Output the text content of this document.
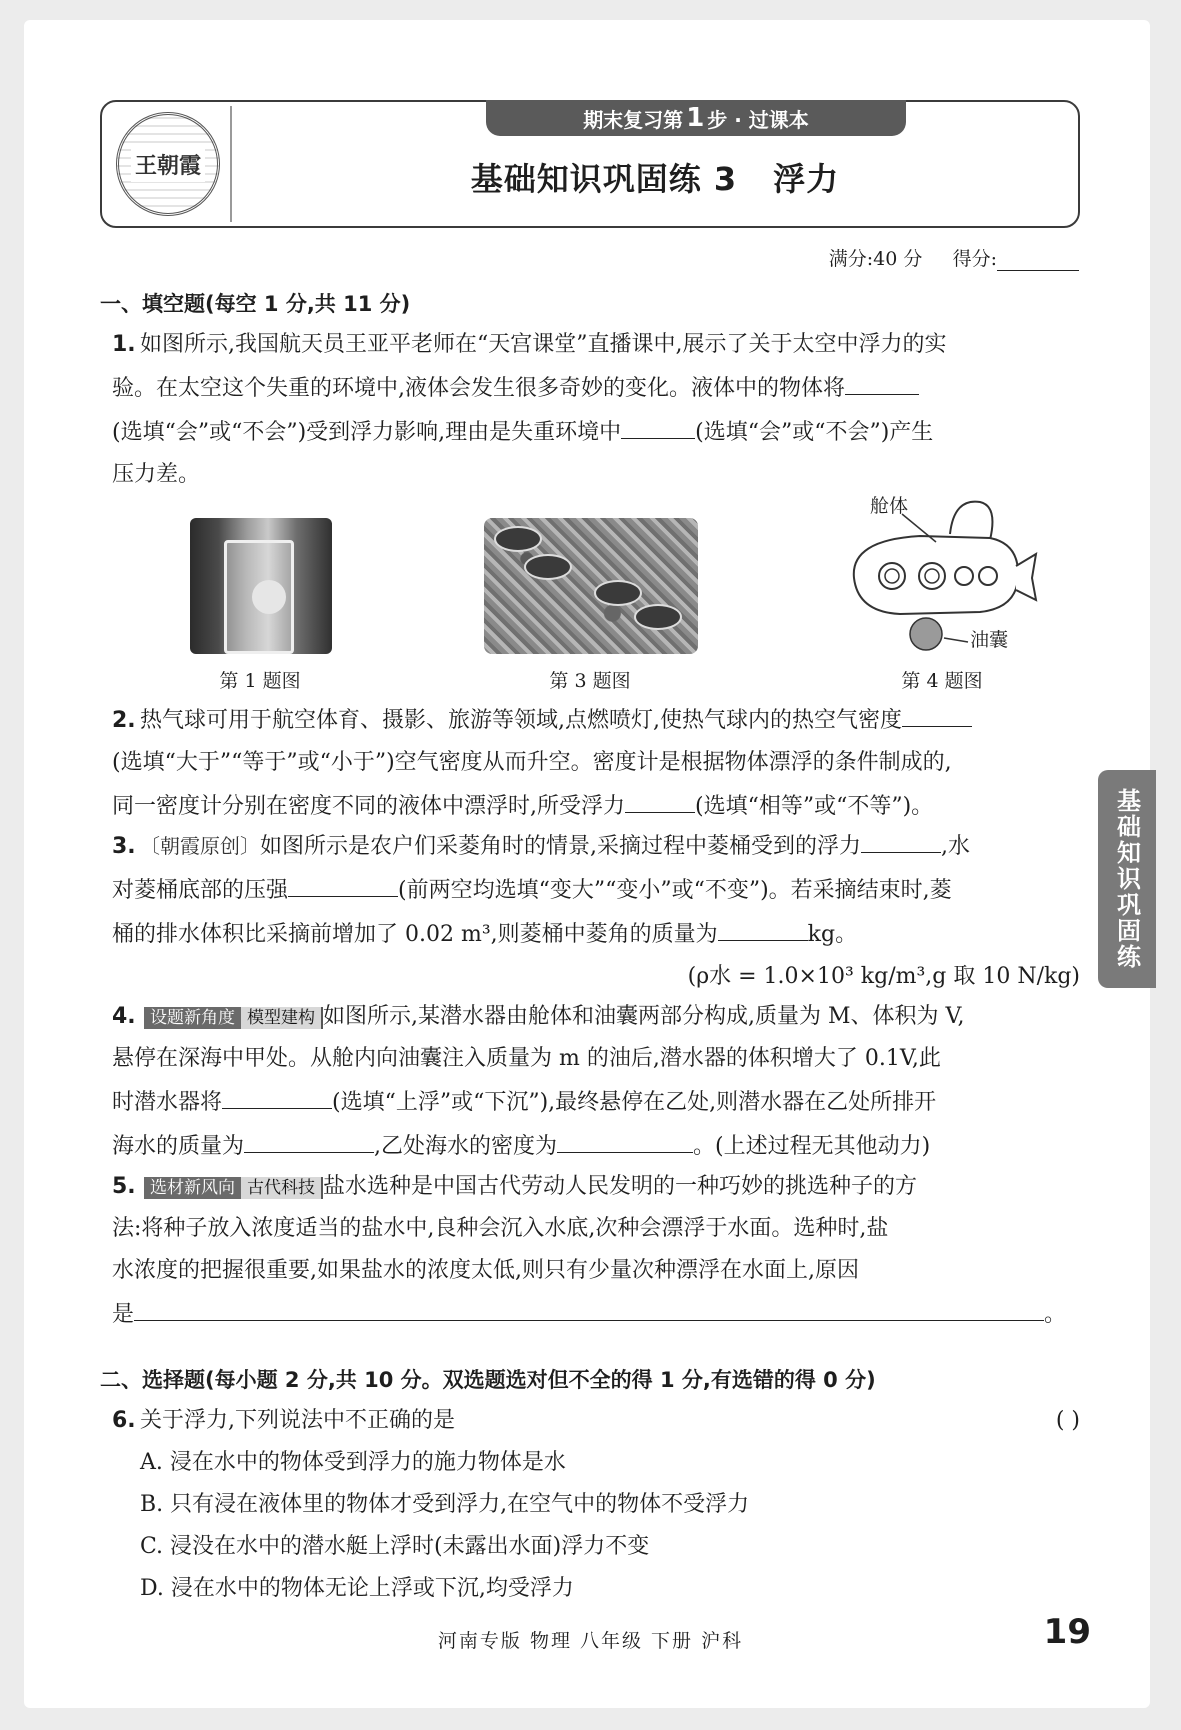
王朝霞
期末复习第 1 步 · 过课本
基础知识巩固练 3 浮力
满分:40 分 得分:
一、填空题(每空 1 分,共 11 分)
1. 如图所示,我国航天员王亚平老师在“天宫课堂”直播课中,展示了关于太空中浮力的实
验。在太空这个失重的环境中,液体会发生很多奇妙的变化。液体中的物体将
(选填“会”或“不会”)受到浮力影响,理由是失重环境中	(选填“会”或“不会”)产生
压力差。
第 1 题图	第 3 题图
舱体
油囊
第 4 题图
2. 热气球可用于航空体育、摄影、旅游等领域,点燃喷灯,使热气球内的热空气密度
(选填“大于”“等于”或“小于”)空气密度从而升空。密度计是根据物体漂浮的条件制成的,
同一密度计分别在密度不同的液体中漂浮时,所受浮力	(选填“相等”或“不等”)。
3. 〔朝霞原创〕如图所示是农户们采菱角时的情景,采摘过程中菱桶受到的浮力	,水
对菱桶底部的压强	(前两空均选填“变大”“变小”或“不变”)。若采摘结束时,菱
桶的排水体积比采摘前增加了 0.02 m³,则菱桶中菱角的质量为	kg。
(ρ水 = 1.0×10³ kg/m³,g 取 10 N/kg)
4. 设题新角度 模型建构 如图所示,某潜水器由舱体和油囊两部分构成,质量为 M、体积为 V,
悬停在深海中甲处。从舱内向油囊注入质量为 m 的油后,潜水器的体积增大了 0.1V,此
时潜水器将	(选填“上浮”或“下沉”),最终悬停在乙处,则潜水器在乙处所排开
海水的质量为	,乙处海水的密度为	。(上述过程无其他动力)
5. 选材新风向 古代科技 盐水选种是中国古代劳动人民发明的一种巧妙的挑选种子的方
法:将种子放入浓度适当的盐水中,良种会沉入水底,次种会漂浮于水面。选种时,盐
水浓度的把握很重要,如果盐水的浓度太低,则只有少量次种漂浮在水面上,原因
是	。
二、选择题(每小题 2 分,共 10 分。双选题选对但不全的得 1 分,有选错的得 0 分)
6. 关于浮力,下列说法中不正确的是	( )
A. 浸在水中的物体受到浮力的施力物体是水
B. 只有浸在液体里的物体才受到浮力,在空气中的物体不受浮力
C. 浸没在水中的潜水艇上浮时(未露出水面)浮力不变
D. 浸在水中的物体无论上浮或下沉,均受浮力
基础知识巩固练
河南专版 物理 八年级 下册 沪科	19
